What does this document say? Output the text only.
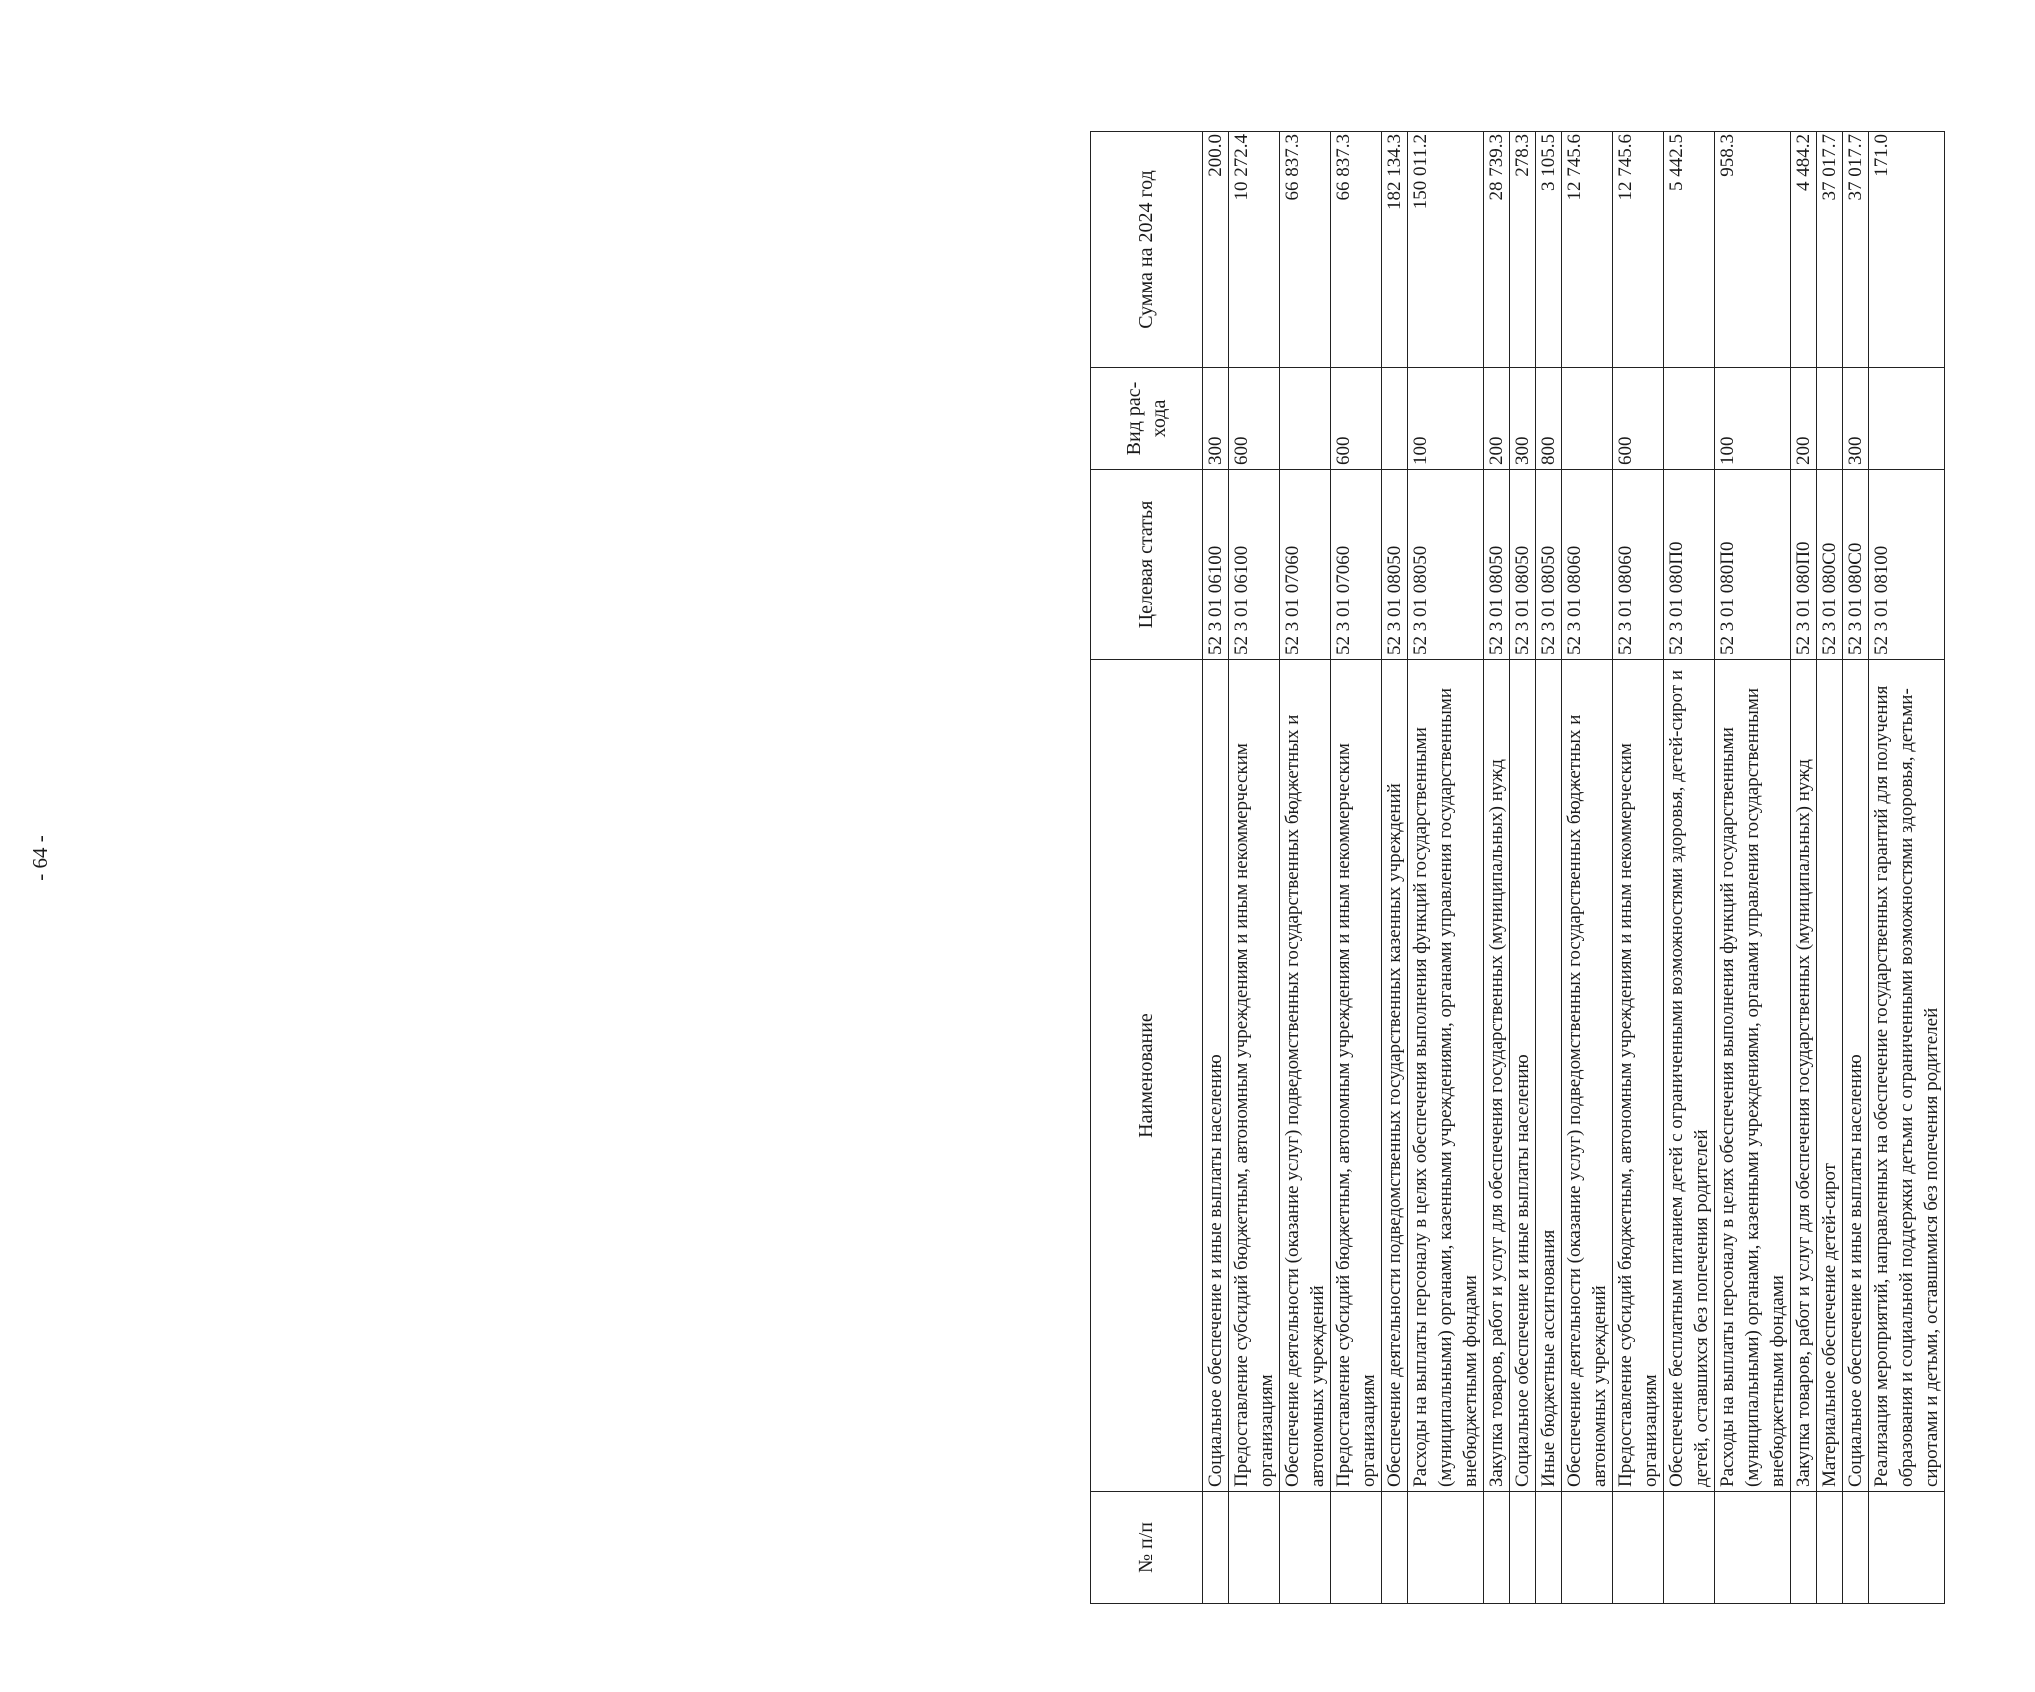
- 64 -
№ п/п	Наименование	Целевая статья	Вид рас-хода	Сумма на 2024 год
	Социальное обеспечение и иные выплаты населению	52 3 01 06100	300	200.0
	Предоставление субсидий бюджетным, автономным учреждениям и иным некоммерческим организациям	52 3 01 06100	600	10 272.4
	Обеспечение деятельности (оказание услуг) подведомственных государственных бюджетных и автономных учреждений	52 3 01 07060		66 837.3
	Предоставление субсидий бюджетным, автономным учреждениям и иным некоммерческим организациям	52 3 01 07060	600	66 837.3
	Обеспечение деятельности подведомственных государственных казенных учреждений	52 3 01 08050		182 134.3
	Расходы на выплаты персоналу в целях обеспечения выполнения функций государственными (муниципальными) органами, казенными учреждениями, органами управления государственными внебюджетными фондами	52 3 01 08050	100	150 011.2
	Закупка товаров, работ и услуг для обеспечения государственных (муниципальных) нужд	52 3 01 08050	200	28 739.3
	Социальное обеспечение и иные выплаты населению	52 3 01 08050	300	278.3
	Иные бюджетные ассигнования	52 3 01 08050	800	3 105.5
	Обеспечение деятельности (оказание услуг) подведомственных государственных бюджетных и автономных учреждений	52 3 01 08060		12 745.6
	Предоставление субсидий бюджетным, автономным учреждениям и иным некоммерческим организациям	52 3 01 08060	600	12 745.6
	Обеспечение бесплатным питанием детей с ограниченными возможностями здоровья, детей-сирот и детей, оставшихся без попечения родителей	52 3 01 080П0		5 442.5
	Расходы на выплаты персоналу в целях обеспечения выполнения функций государственными (муниципальными) органами, казенными учреждениями, органами управления государственными внебюджетными фондами	52 3 01 080П0	100	958.3
	Закупка товаров, работ и услуг для обеспечения государственных (муниципальных) нужд	52 3 01 080П0	200	4 484.2
	Материальное обеспечение детей-сирот	52 3 01 080С0		37 017.7
	Социальное обеспечение и иные выплаты населению	52 3 01 080С0	300	37 017.7
	Реализация мероприятий, направленных на обеспечение государственных гарантий для получения образования и социальной поддержки детьми с ограниченными возможностями здоровья, детьми-сиротами и детьми, оставшимися без попечения родителей	52 3 01 08100		171.0
